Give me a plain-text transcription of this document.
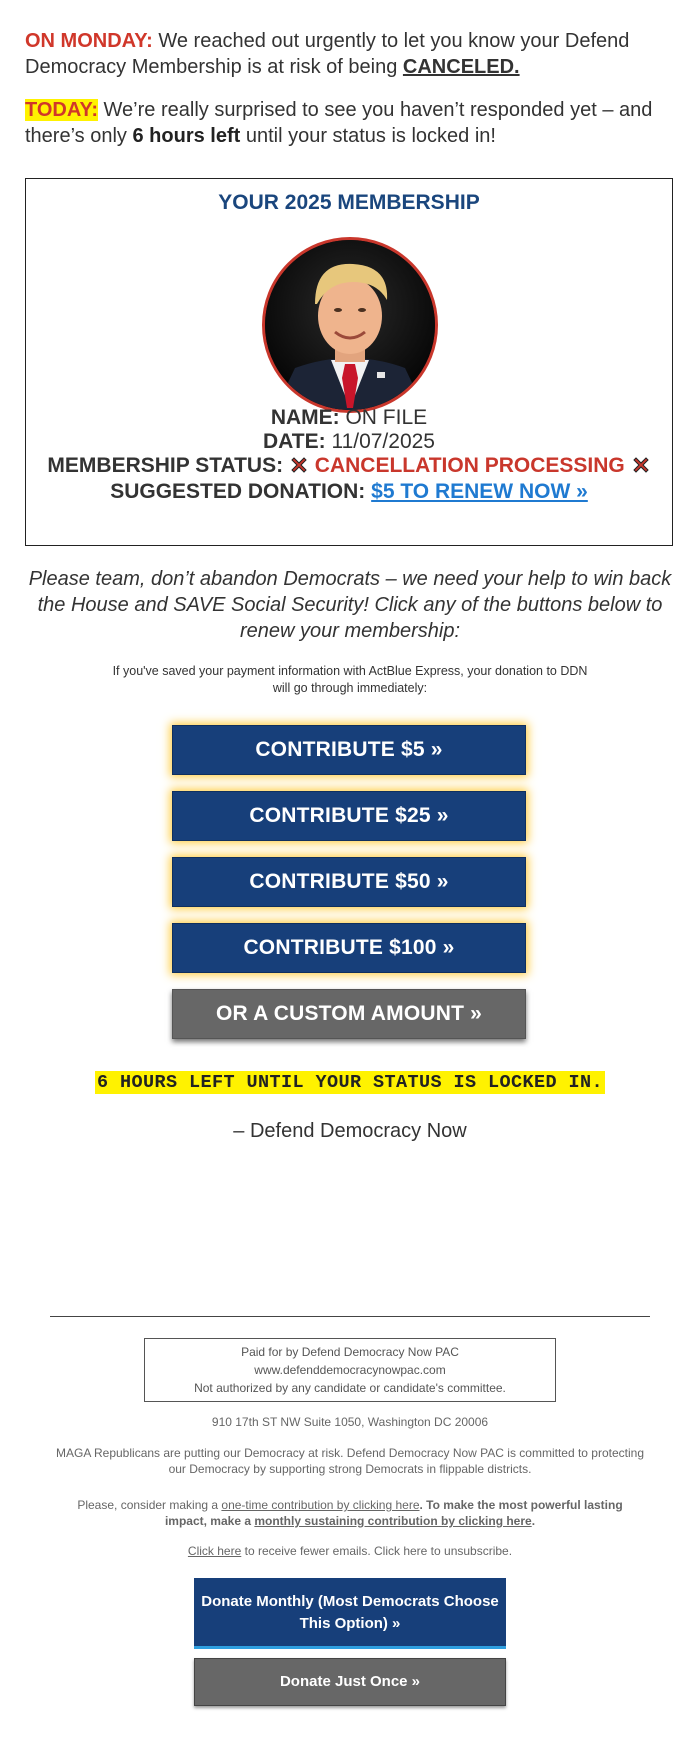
ON MONDAY: We reached out urgently to let you know your Defend Democracy Membership is at risk of being CANCELED.
TODAY: We’re really surprised to see you haven’t responded yet – and there’s only 6 hours left until your status is locked in!
YOUR 2025 MEMBERSHIP
NAME: ON FILE
DATE: 11/07/2025
MEMBERSHIP STATUS: CANCELLATION PROCESSING
SUGGESTED DONATION: $5 TO RENEW NOW »
Please team, don’t abandon Democrats – we need your help to win back the House and SAVE Social Security! Click any of the buttons below to renew your membership:
If you've saved your payment information with ActBlue Express, your donation to DDN will go through immediately:
CONTRIBUTE $5 »
CONTRIBUTE $25 »
CONTRIBUTE $50 »
CONTRIBUTE $100 »
OR A CUSTOM AMOUNT »
6 HOURS LEFT UNTIL YOUR STATUS IS LOCKED IN.
– Defend Democracy Now
Paid for by Defend Democracy Now PAC
www.defenddemocracynowpac.com
Not authorized by any candidate or candidate's committee.
910 17th ST NW Suite 1050, Washington DC 20006
MAGA Republicans are putting our Democracy at risk. Defend Democracy Now PAC is committed to protecting our Democracy by supporting strong Democrats in flippable districts.
Please, consider making a one-time contribution by clicking here. To make the most powerful lasting impact, make a monthly sustaining contribution by clicking here.
Click here to receive fewer emails. Click here to unsubscribe.
Donate Monthly (Most Democrats Choose This Option) »
Donate Just Once »
